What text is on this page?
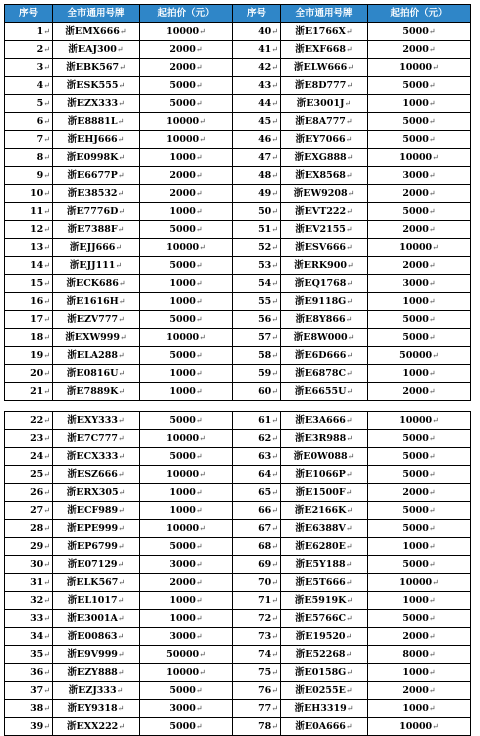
序号	全市通用号牌	起拍价（元）	序号	全市通用号牌	起拍价（元）
1↵	浙EMX666↵	10000↵	40↵	浙E1766X↵	5000↵
2↵	浙EAJ300↵	2000↵	41↵	浙EXF668↵	2000↵
3↵	浙EBK567↵	2000↵	42↵	浙ELW666↵	10000↵
4↵	浙ESK555↵	5000↵	43↵	浙E8D777↵	5000↵
5↵	浙EZX333↵	5000↵	44↵	浙E3001J↵	1000↵
6↵	浙E8881L↵	10000↵	45↵	浙E8A777↵	5000↵
7↵	浙EHJ666↵	10000↵	46↵	浙EY7066↵	5000↵
8↵	浙E0998K↵	1000↵	47↵	浙EXG888↵	10000↵
9↵	浙E6677P↵	2000↵	48↵	浙EX8568↵	3000↵
10↵	浙E38532↵	2000↵	49↵	浙EW9208↵	2000↵
11↵	浙E7776D↵	1000↵	50↵	浙EVT222↵	5000↵
12↵	浙E7388F↵	5000↵	51↵	浙EV2155↵	2000↵
13↵	浙EJJ666↵	10000↵	52↵	浙ESV666↵	10000↵
14↵	浙EJJ111↵	5000↵	53↵	浙ERK900↵	2000↵
15↵	浙ECK686↵	1000↵	54↵	浙EQ1768↵	3000↵
16↵	浙E1616H↵	1000↵	55↵	浙E9118G↵	1000↵
17↵	浙EZV777↵	5000↵	56↵	浙E8Y866↵	5000↵
18↵	浙EXW999↵	10000↵	57↵	浙E8W000↵	5000↵
19↵	浙ELA288↵	5000↵	58↵	浙E6D666↵	50000↵
20↵	浙E0816U↵	1000↵	59↵	浙E6878C↵	1000↵
21↵	浙E7889K↵	1000↵	60↵	浙E6655U↵	2000↵
22↵	浙EXY333↵	5000↵	61↵	浙E3A666↵	10000↵
23↵	浙E7C777↵	10000↵	62↵	浙E3R988↵	5000↵
24↵	浙ECX333↵	5000↵	63↵	浙E0W088↵	5000↵
25↵	浙ESZ666↵	10000↵	64↵	浙E1066P↵	5000↵
26↵	浙ERX305↵	1000↵	65↵	浙E1500F↵	2000↵
27↵	浙ECF989↵	1000↵	66↵	浙E2166K↵	5000↵
28↵	浙EPE999↵	10000↵	67↵	浙E6388V↵	5000↵
29↵	浙EP6799↵	5000↵	68↵	浙E6280E↵	1000↵
30↵	浙E07129↵	3000↵	69↵	浙E5Y188↵	5000↵
31↵	浙ELK567↵	2000↵	70↵	浙E5T666↵	10000↵
32↵	浙EL1017↵	1000↵	71↵	浙E5919K↵	1000↵
33↵	浙E3001A↵	1000↵	72↵	浙E5766C↵	5000↵
34↵	浙E00863↵	3000↵	73↵	浙E19520↵	2000↵
35↵	浙E9V999↵	50000↵	74↵	浙E52268↵	8000↵
36↵	浙EZY888↵	10000↵	75↵	浙E0158G↵	1000↵
37↵	浙EZJ333↵	5000↵	76↵	浙E0255E↵	2000↵
38↵	浙EY9318↵	3000↵	77↵	浙EH3319↵	1000↵
39↵	浙EXX222↵	5000↵	78↵	浙E0A666↵	10000↵
